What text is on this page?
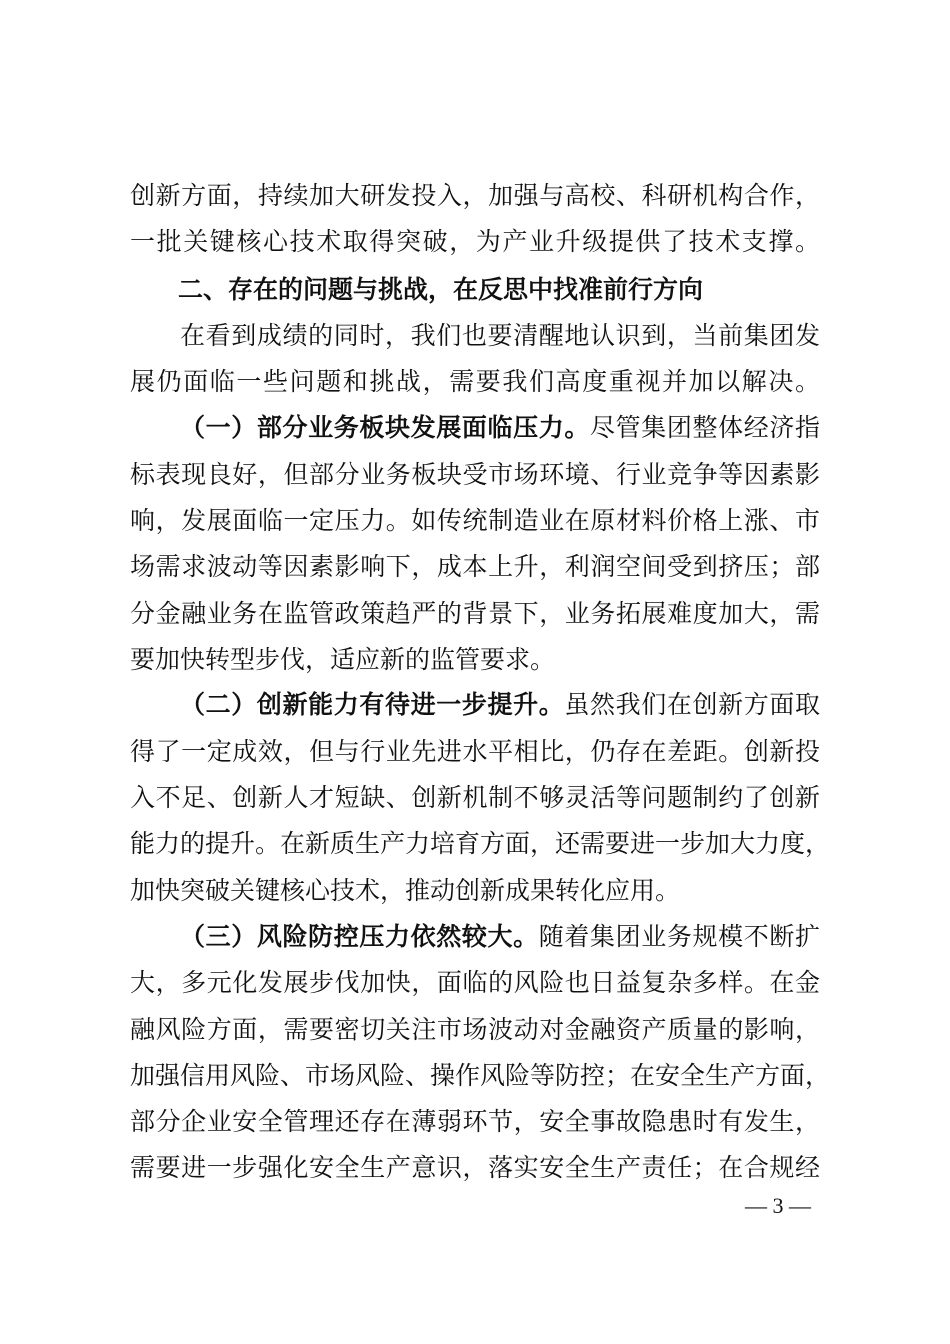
创新方面，持续加大研发投入，加强与高校、科研机构合作，
一批关键核心技术取得突破，为产业升级提供了技术支撑。
二、存在的问题与挑战，在反思中找准前行方向
在看到成绩的同时，我们也要清醒地认识到，当前集团发
展仍面临一些问题和挑战，需要我们高度重视并加以解决。
（一）部分业务板块发展面临压力。尽管集团整体经济指
标表现良好，但部分业务板块受市场环境、行业竞争等因素影
响，发展面临一定压力。如传统制造业在原材料价格上涨、市
场需求波动等因素影响下，成本上升，利润空间受到挤压；部
分金融业务在监管政策趋严的背景下，业务拓展难度加大，需
要加快转型步伐，适应新的监管要求。
（二）创新能力有待进一步提升。虽然我们在创新方面取
得了一定成效，但与行业先进水平相比，仍存在差距。创新投
入不足、创新人才短缺、创新机制不够灵活等问题制约了创新
能力的提升。在新质生产力培育方面，还需要进一步加大力度，
加快突破关键核心技术，推动创新成果转化应用。
（三）风险防控压力依然较大。随着集团业务规模不断扩
大，多元化发展步伐加快，面临的风险也日益复杂多样。在金
融风险方面，需要密切关注市场波动对金融资产质量的影响，
加强信用风险、市场风险、操作风险等防控；在安全生产方面，
部分企业安全管理还存在薄弱环节，安全事故隐患时有发生，
需要进一步强化安全生产意识，落实安全生产责任；在合规经
— 3 —
